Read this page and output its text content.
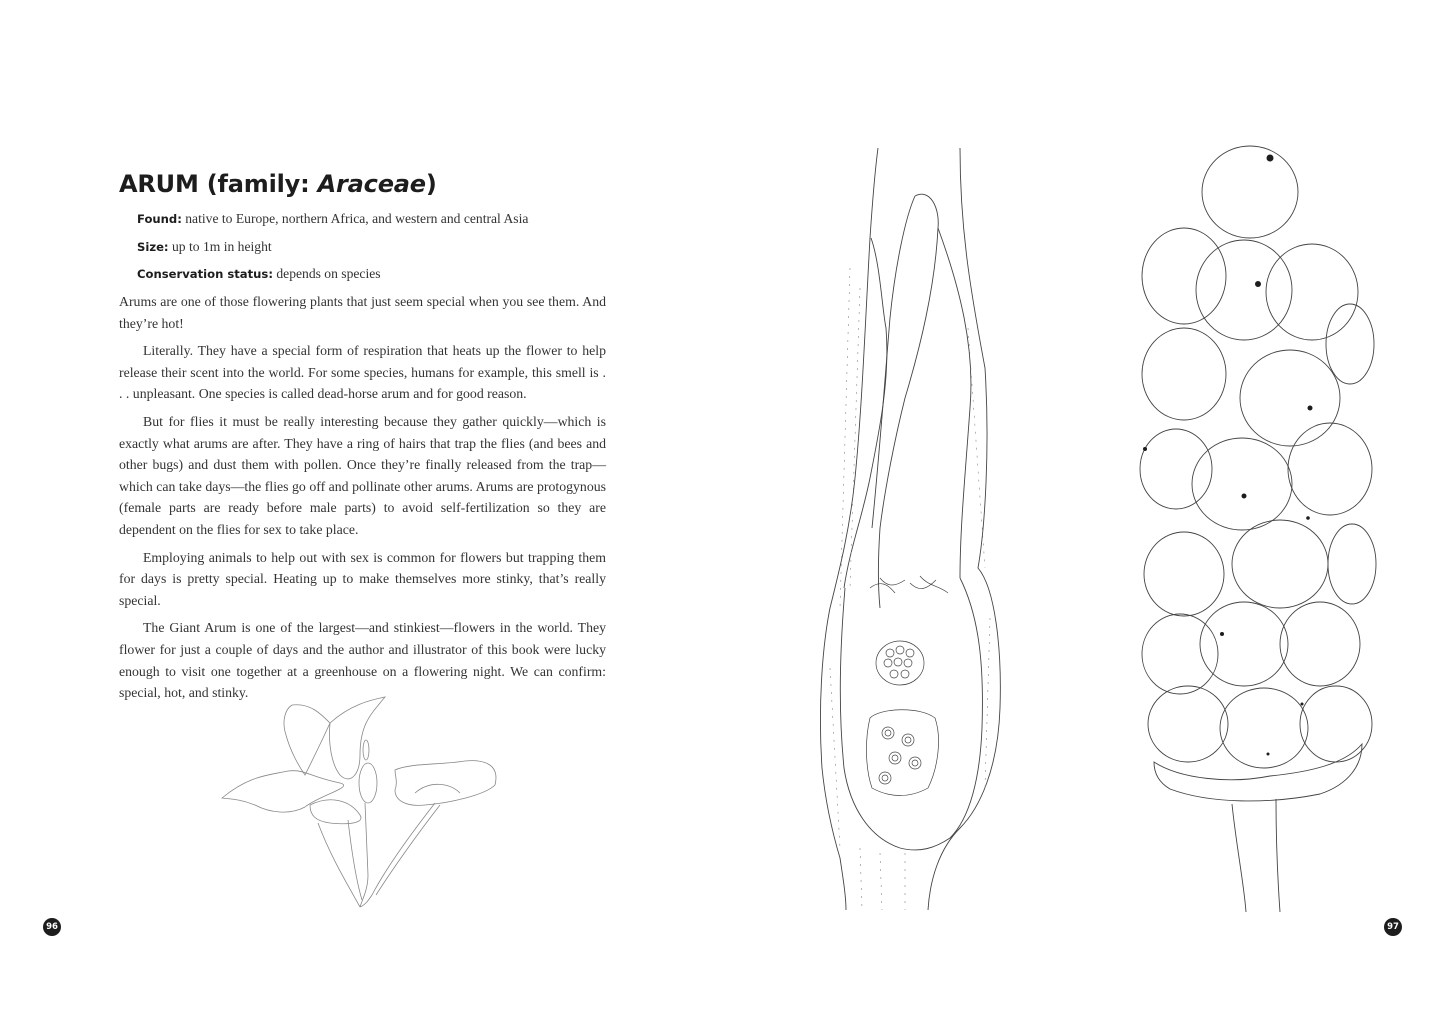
ARUM (family: Araceae)
Found: native to Europe, northern Africa, and western and central Asia
Size: up to 1m in height
Conservation status: depends on species

Arums are one of those flowering plants that just seem special when you see them. And they’re hot!

Literally. They have a special form of respiration that heats up the flower to help release their scent into the world. For some species, humans for example, this smell is . . . unpleasant. One species is called dead-horse arum and for good reason.

But for flies it must be really interesting because they gather quickly—which is exactly what arums are after. They have a ring of hairs that trap the flies (and bees and other bugs) and dust them with pollen. Once they’re finally released from the trap—which can take days—the flies go off and pollinate other arums. Arums are protogynous (female parts are ready before male parts) to avoid self-fertilization so they are dependent on the flies for sex to take place.

Employing animals to help out with sex is common for flowers but trapping them for days is pretty special. Heating up to make themselves more stinky, that’s really special.

The Giant Arum is one of the largest—and stinkiest—flowers in the world. They flower for just a couple of days and the author and illustrator of this book were lucky enough to visit one together at a greenhouse on a flowering night. We can confirm: special, hot, and stinky.

96	97
